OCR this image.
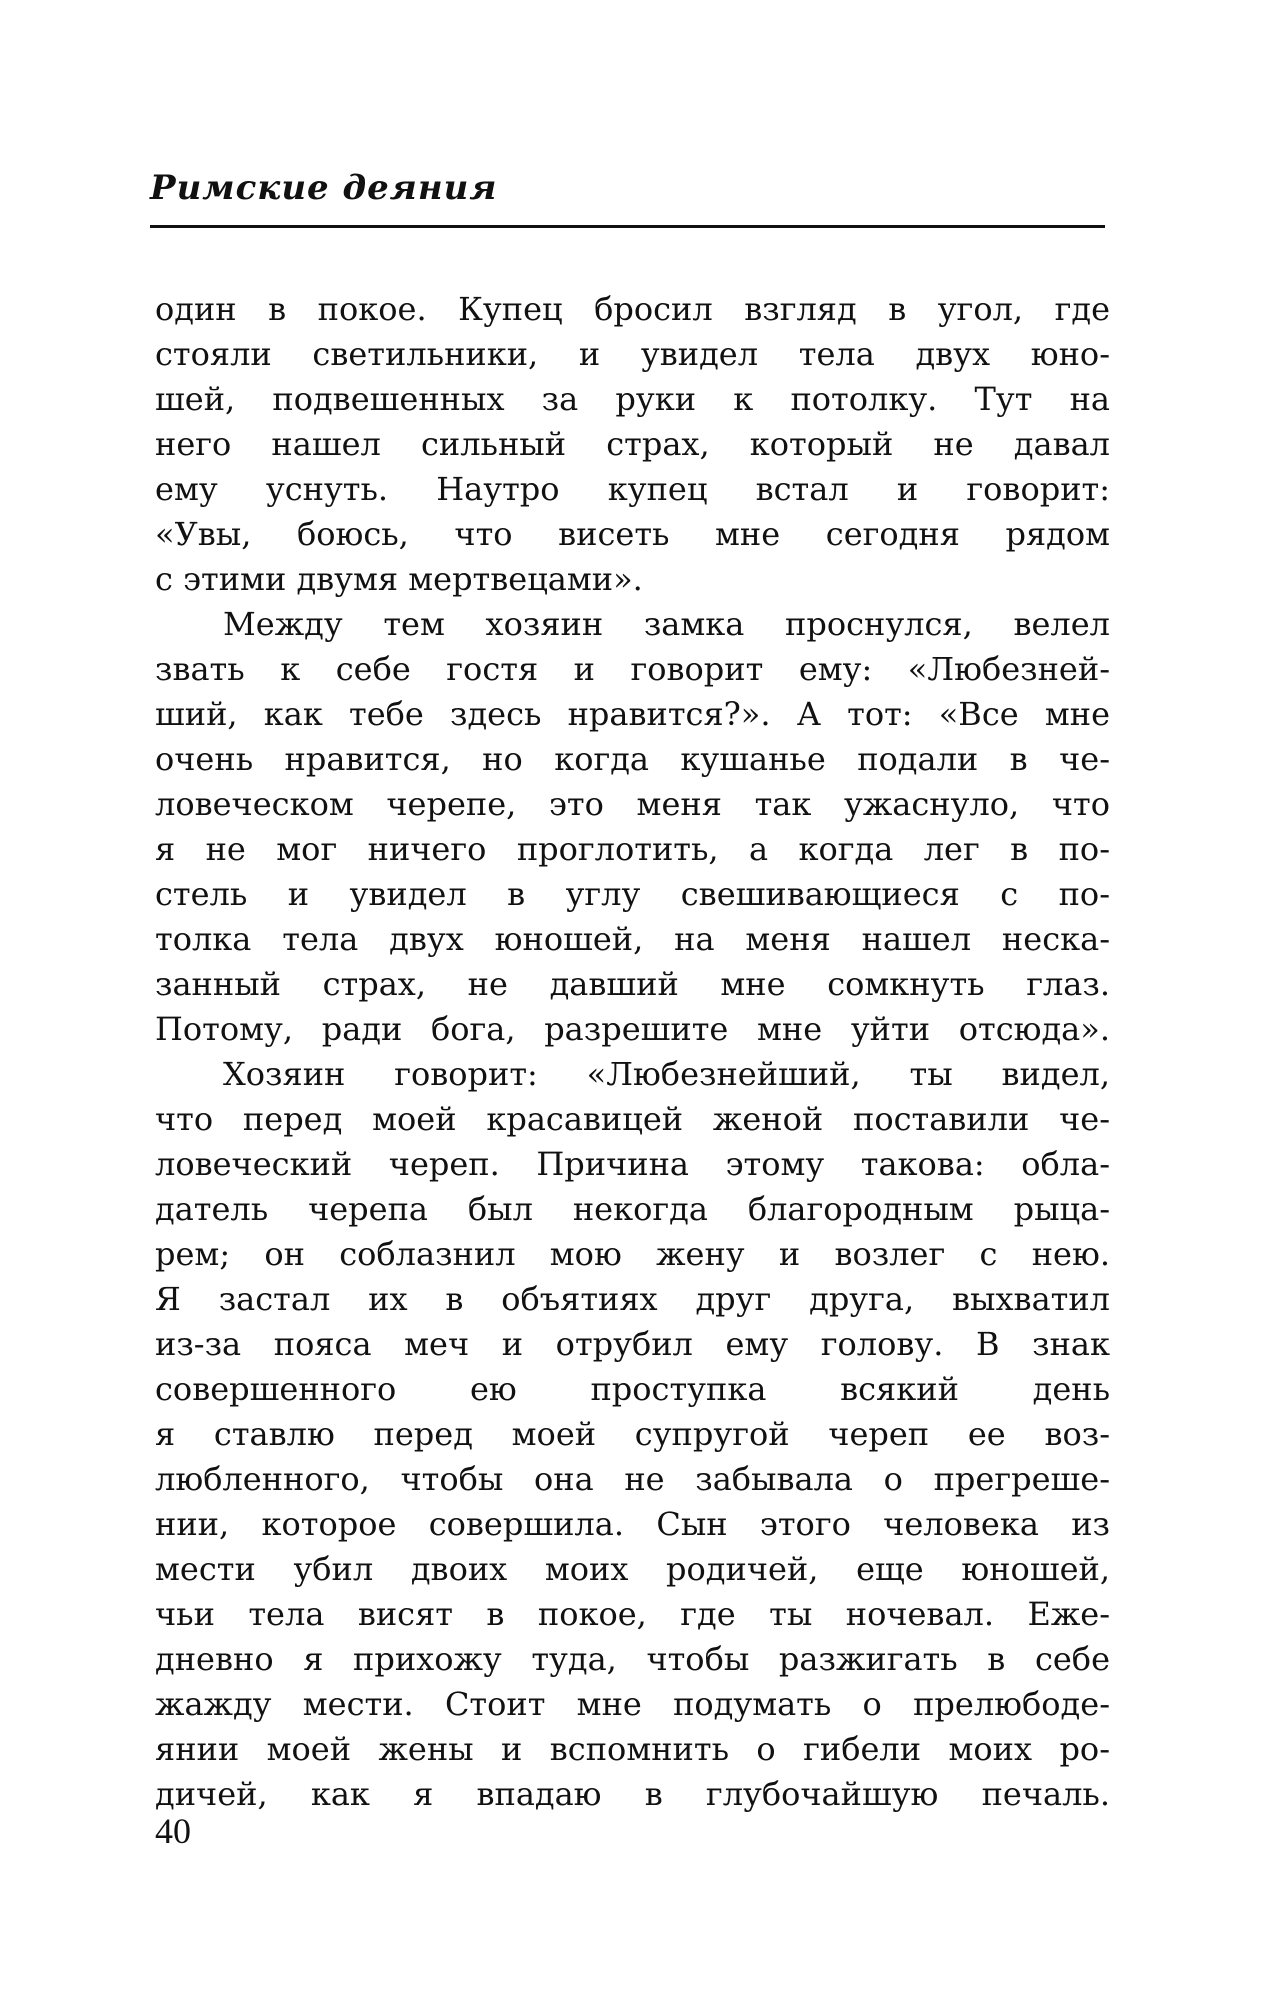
Римские деяния
один в покое. Купец бросил взгляд в угол, где
стояли светильники, и увидел тела двух юно-
шей, подвешенных за руки к потолку. Тут на
него нашел сильный страх, который не давал
ему уснуть. Наутро купец встал и говорит:
«Увы, боюсь, что висеть мне сегодня рядом
с этими двумя мертвецами».
Между тем хозяин замка проснулся, велел
звать к себе гостя и говорит ему: «Любезней-
ший, как тебе здесь нравится?». А тот: «Все мне
очень нравится, но когда кушанье подали в че-
ловеческом черепе, это меня так ужаснуло, что
я не мог ничего проглотить, а когда лег в по-
стель и увидел в углу свешивающиеся с по-
толка тела двух юношей, на меня нашел неска-
занный страх, не давший мне сомкнуть глаз.
Потому, ради бога, разрешите мне уйти отсюда».
Хозяин говорит: «Любезнейший, ты видел,
что перед моей красавицей женой поставили че-
ловеческий череп. Причина этому такова: обла-
датель черепа был некогда благородным рыца-
рем; он соблазнил мою жену и возлег с нею.
Я застал их в объятиях друг друга, выхватил
из-за пояса меч и отрубил ему голову. В знак
совершенного ею проступка всякий день
я ставлю перед моей супругой череп ее воз-
любленного, чтобы она не забывала о прегреше-
нии, которое совершила. Сын этого человека из
мести убил двоих моих родичей, еще юношей,
чьи тела висят в покое, где ты ночевал. Еже-
дневно я прихожу туда, чтобы разжигать в себе
жажду мести. Стоит мне подумать о прелюбоде-
янии моей жены и вспомнить о гибели моих ро-
дичей, как я впадаю в глубочайшую печаль.
40
